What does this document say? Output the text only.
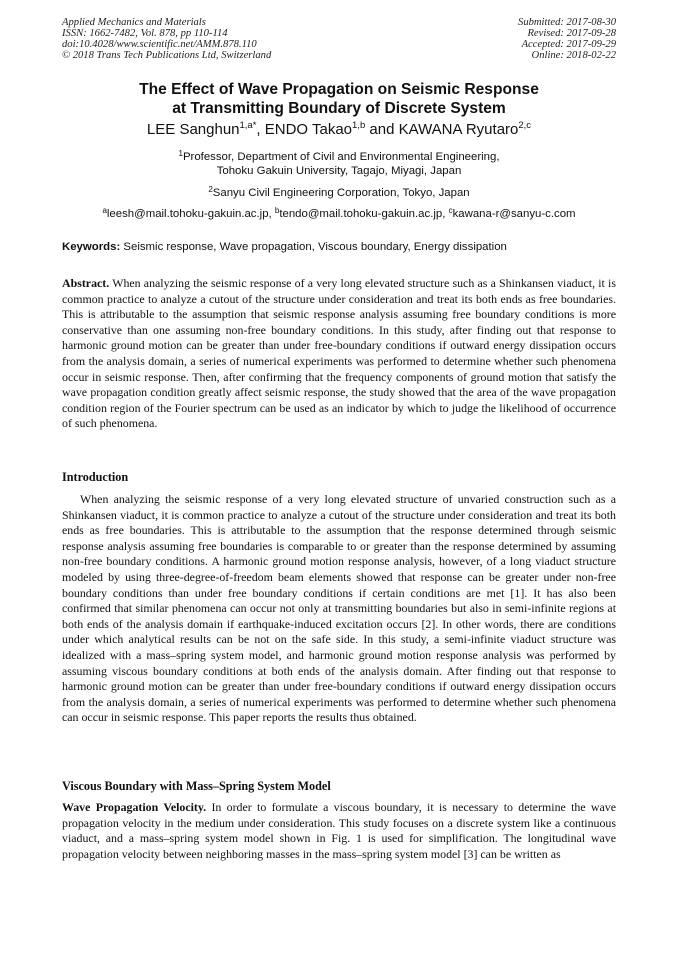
Applied Mechanics and Materials
ISSN: 1662-7482, Vol. 878, pp 110-114
doi:10.4028/www.scientific.net/AMM.878.110
© 2018 Trans Tech Publications Ltd, Switzerland
Submitted: 2017-08-30
Revised: 2017-09-28
Accepted: 2017-09-29
Online: 2018-02-22
The Effect of Wave Propagation on Seismic Response
at Transmitting Boundary of Discrete System
LEE Sanghun$^{1,a*}$, ENDO Takao$^{1,b}$ and KAWANA Ryutaro$^{2,c}$
$^1$Professor, Department of Civil and Environmental Engineering,
Tohoku Gakuin University, Tagajo, Miyagi, Japan
$^2$Sanyu Civil Engineering Corporation, Tokyo, Japan
$^a$leesh@mail.tohoku-gakuin.ac.jp, $^b$tendo@mail.tohoku-gakuin.ac.jp, $^c$kawana-r@sanyu-c.com
Keywords: Seismic response, Wave propagation, Viscous boundary, Energy dissipation
Abstract. When analyzing the seismic response of a very long elevated structure such as a Shinkansen viaduct, it is common practice to analyze a cutout of the structure under consideration and treat its both ends as free boundaries. This is attributable to the assumption that seismic response analysis assuming free boundary conditions is more conservative than one assuming non-free boundary conditions. In this study, after finding out that response to harmonic ground motion can be greater than under free-boundary conditions if outward energy dissipation occurs from the analysis domain, a series of numerical experiments was performed to determine whether such phenomena occur in seismic response. Then, after confirming that the frequency components of ground motion that satisfy the wave propagation condition greatly affect seismic response, the study showed that the area of the wave propagation condition region of the Fourier spectrum can be used as an indicator by which to judge the likelihood of occurrence of such phenomena.
Introduction
When analyzing the seismic response of a very long elevated structure of unvaried construction such as a Shinkansen viaduct, it is common practice to analyze a cutout of the structure under consideration and treat its both ends as free boundaries. This is attributable to the assumption that the response determined through seismic response analysis assuming free boundaries is comparable to or greater than the response determined by assuming non-free boundary conditions. A harmonic ground motion response analysis, however, of a long viaduct structure modeled by using three-degree-of-freedom beam elements showed that response can be greater under non-free boundary conditions than under free boundary conditions if certain conditions are met [1]. It has also been confirmed that similar phenomena can occur not only at transmitting boundaries but also in semi-infinite regions at both ends of the analysis domain if earthquake-induced excitation occurs [2]. In other words, there are conditions under which analytical results can be not on the safe side. In this study, a semi-infinite viaduct structure was idealized with a mass–spring system model, and harmonic ground motion response analysis was performed by assuming viscous boundary conditions at both ends of the analysis domain. After finding out that response to harmonic ground motion can be greater than under free-boundary conditions if outward energy dissipation occurs from the analysis domain, a series of numerical experiments was performed to determine whether such phenomena can occur in seismic response. This paper reports the results thus obtained.
Viscous Boundary with Mass–Spring System Model
Wave Propagation Velocity. In order to formulate a viscous boundary, it is necessary to determine the wave propagation velocity in the medium under consideration. This study focuses on a discrete system like a continuous viaduct, and a mass–spring system model shown in Fig. 1 is used for simplification. The longitudinal wave propagation velocity between neighboring masses in the mass–spring system model [3] can be written as
